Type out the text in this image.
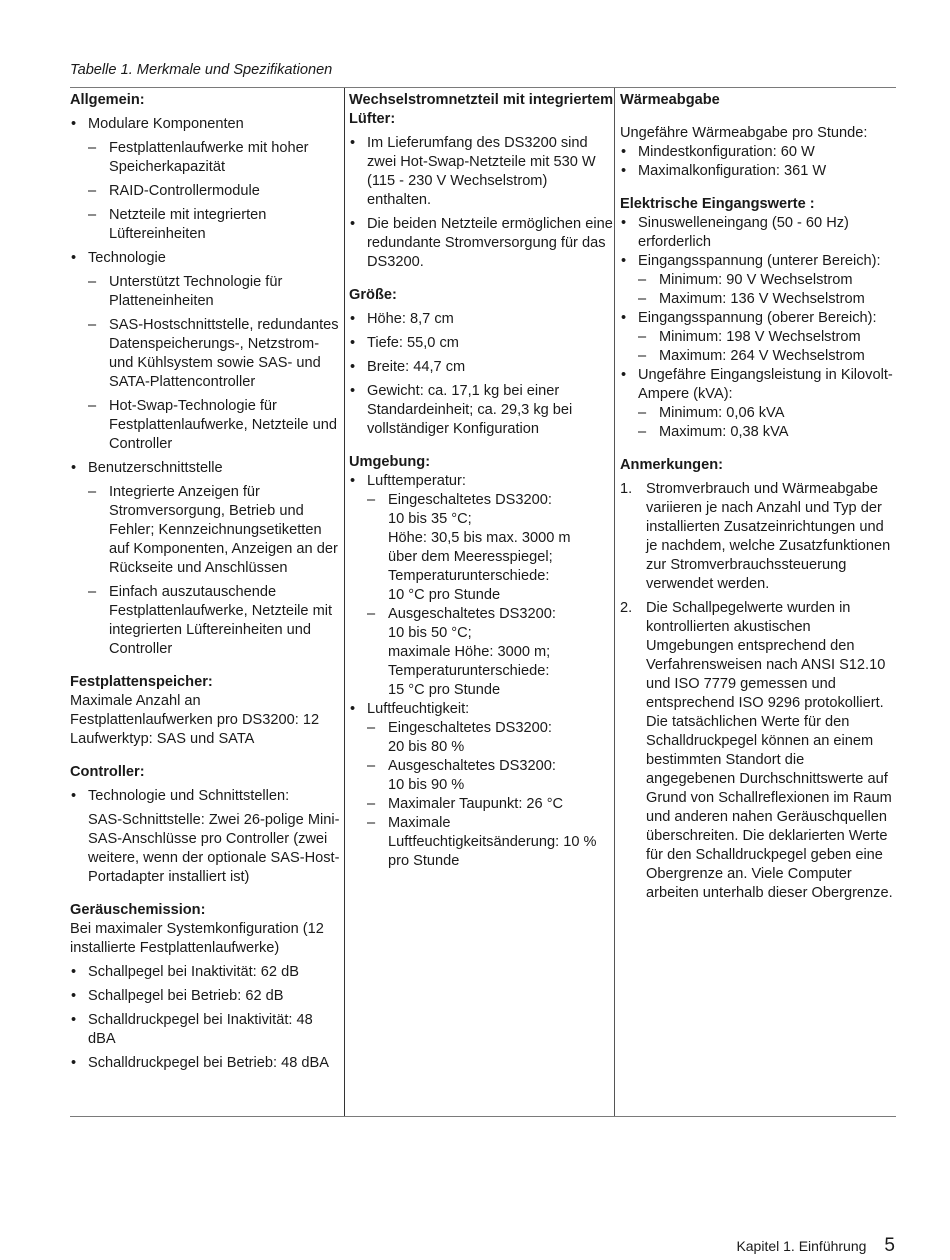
Tabelle 1. Merkmale und Spezifikationen

Allgemein:

• Modulare Komponenten
– Festplattenlaufwerke mit hoher Speicherkapazität
– RAID-Controllermodule
– Netzteile mit integrierten Lüftereinheiten
• Technologie
– Unterstützt Technologie für Platteneinheiten
– SAS-Hostschnittstelle, redundantes Datenspeicherungs-, Netzstrom- und Kühlsystem sowie SAS- und SATA-Plattencontroller
– Hot-Swap-Technologie für Festplattenlaufwerke, Netzteile und Controller
• Benutzerschnittstelle
– Integrierte Anzeigen für Stromversorgung, Betrieb und Fehler; Kennzeichnungsetiketten auf Komponenten, Anzeigen an der Rückseite und Anschlüssen
– Einfach auszutauschende Festplattenlaufwerke, Netzteile mit integrierten Lüftereinheiten und Controller

Festplattenspeicher:

Maximale Anzahl an Festplattenlaufwerken pro DS3200: 12

Laufwerktyp: SAS und SATA

Controller:

• Technologie und Schnittstellen:

SAS-Schnittstelle: Zwei 26-polige Mini-SAS-Anschlüsse pro Controller (zwei weitere, wenn der optionale SAS-Host-Portadapter installiert ist)

Geräuschemission:

Bei maximaler Systemkonfiguration (12 installierte Festplattenlaufwerke)

• Schallpegel bei Inaktivität: 62 dB
• Schallpegel bei Betrieb: 62 dB
• Schalldruckpegel bei Inaktivität: 48 dBA
• Schalldruckpegel bei Betrieb: 48 dBA

Wechselstromnetzteil mit integriertem Lüfter:

• Im Lieferumfang des DS3200 sind zwei Hot-Swap-Netzteile mit 530 W (115 - 230 V Wechselstrom) enthalten.
• Die beiden Netzteile ermöglichen eine redundante Stromversorgung für das DS3200.

Größe:

• Höhe: 8,7 cm
• Tiefe: 55,0 cm
• Breite: 44,7 cm
• Gewicht: ca. 17,1 kg bei einer Standardeinheit; ca. 29,3 kg bei vollständiger Konfiguration

Umgebung:

• Lufttemperatur:
– Eingeschaltetes DS3200:
10 bis 35 °C;
Höhe: 30,5 bis max. 3000 m
über dem Meeresspiegel;
Temperaturunterschiede:
10 °C pro Stunde
– Ausgeschaltetes DS3200:
10 bis 50 °C;
maximale Höhe: 3000 m;
Temperaturunterschiede:
15 °C pro Stunde
• Luftfeuchtigkeit:
– Eingeschaltetes DS3200:
20 bis 80 %
– Ausgeschaltetes DS3200:
10 bis 90 %
– Maximaler Taupunkt: 26 °C
– Maximale Luftfeuchtigkeitsänderung: 10 % pro Stunde

Wärmeabgabe

Ungefähre Wärmeabgabe pro Stunde:

• Mindestkonfiguration: 60 W
• Maximalkonfiguration: 361 W

Elektrische Eingangswerte :

• Sinuswelleneingang (50 - 60 Hz) erforderlich
• Eingangsspannung (unterer Bereich):
– Minimum: 90 V Wechselstrom
– Maximum: 136 V Wechselstrom
• Eingangsspannung (oberer Bereich):
– Minimum: 198 V Wechselstrom
– Maximum: 264 V Wechselstrom
• Ungefähre Eingangsleistung in Kilovolt-Ampere (kVA):
– Minimum: 0,06 kVA
– Maximum: 0,38 kVA

Anmerkungen:

1. Stromverbrauch und Wärmeabgabe variieren je nach Anzahl und Typ der installierten Zusatzeinrichtungen und je nachdem, welche Zusatzfunktionen zur Stromverbrauchssteuerung verwendet werden.
2. Die Schallpegelwerte wurden in kontrollierten akustischen Umgebungen entsprechend den Verfahrensweisen nach ANSI S12.10 und ISO 7779 gemessen und entsprechend ISO 9296 protokolliert. Die tatsächlichen Werte für den Schalldruckpegel können an einem bestimmten Standort die angegebenen Durchschnittswerte auf Grund von Schallreflexionen im Raum und anderen nahen Geräuschquellen überschreiten. Die deklarierten Werte für den Schalldruckpegel geben eine Obergrenze an. Viele Computer arbeiten unterhalb dieser Obergrenze.
Kapitel 1. Einführung 5
